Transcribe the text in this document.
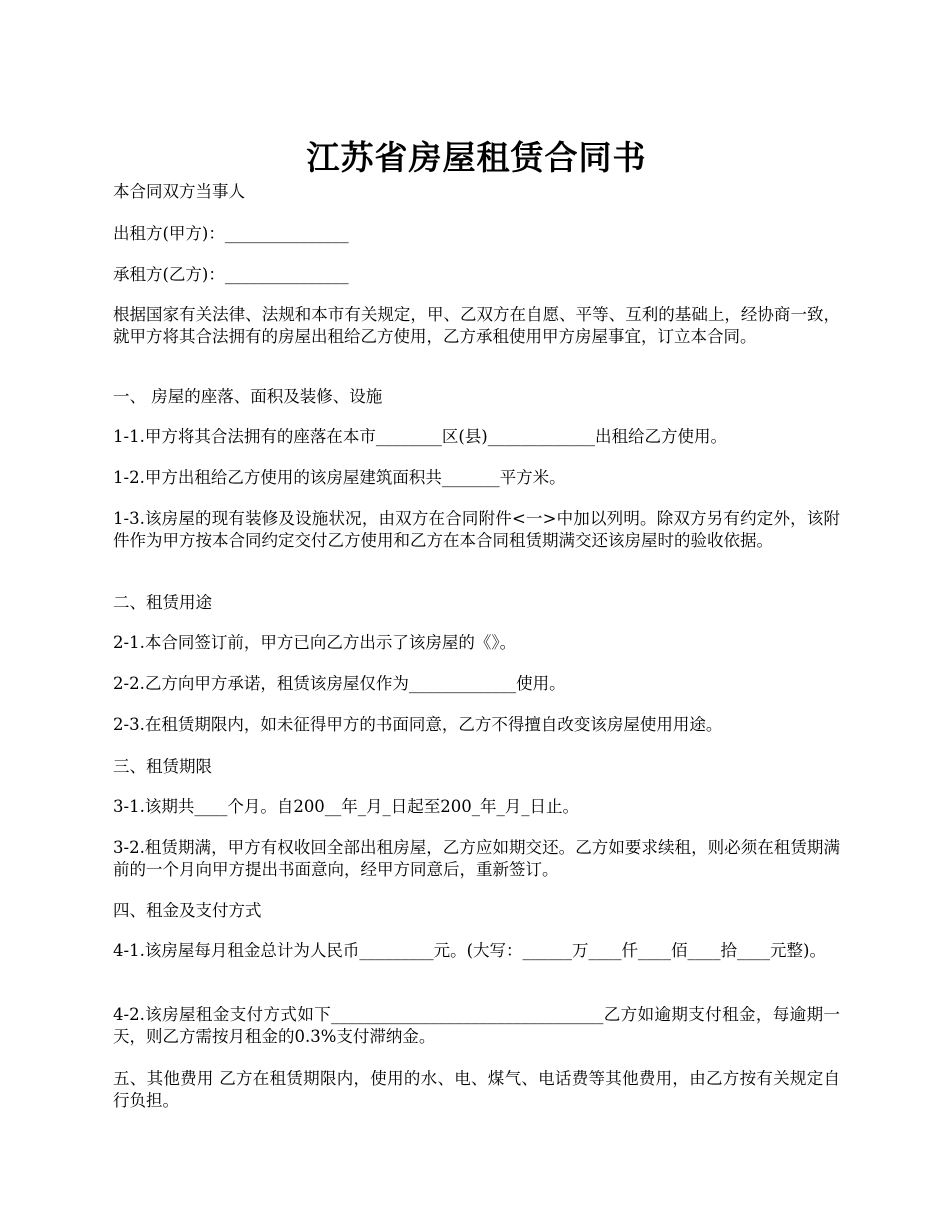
江苏省房屋租赁合同书

本合同双方当事人

出租方(甲方)：_______________

承租方(乙方)：_______________

根据国家有关法律、法规和本市有关规定，甲、乙双方在自愿、平等、互利的基础上，经协商一致，就甲方将其合法拥有的房屋出租给乙方使用，乙方承租使用甲方房屋事宜，订立本合同。

一、 房屋的座落、面积及装修、设施

1-1.甲方将其合法拥有的座落在本市________区(县)_____________出租给乙方使用。

1-2.甲方出租给乙方使用的该房屋建筑面积共_______平方米。

1-3.该房屋的现有装修及设施状况，由双方在合同附件<一>中加以列明。除双方另有约定外，该附件作为甲方按本合同约定交付乙方使用和乙方在本合同租赁期满交还该房屋时的验收依据。

二、租赁用途

2-1.本合同签订前，甲方已向乙方出示了该房屋的《》。

2-2.乙方向甲方承诺，租赁该房屋仅作为_____________使用。

2-3.在租赁期限内，如未征得甲方的书面同意，乙方不得擅自改变该房屋使用用途。

三、租赁期限

3-1.该期共____个月。自200__年_月_日起至200_年_月_日止。

3-2.租赁期满，甲方有权收回全部出租房屋，乙方应如期交还。乙方如要求续租，则必须在租赁期满前的一个月向甲方提出书面意向，经甲方同意后，重新签订。

四、租金及支付方式

4-1.该房屋每月租金总计为人民币_________元。(大写：______万____仟____佰____拾____元整)。

4-2.该房屋租金支付方式如下_________________________________乙方如逾期支付租金，每逾期一天，则乙方需按月租金的0.3%支付滞纳金。

五、其他费用 乙方在租赁期限内，使用的水、电、煤气、电话费等其他费用，由乙方按有关规定自行负担。
